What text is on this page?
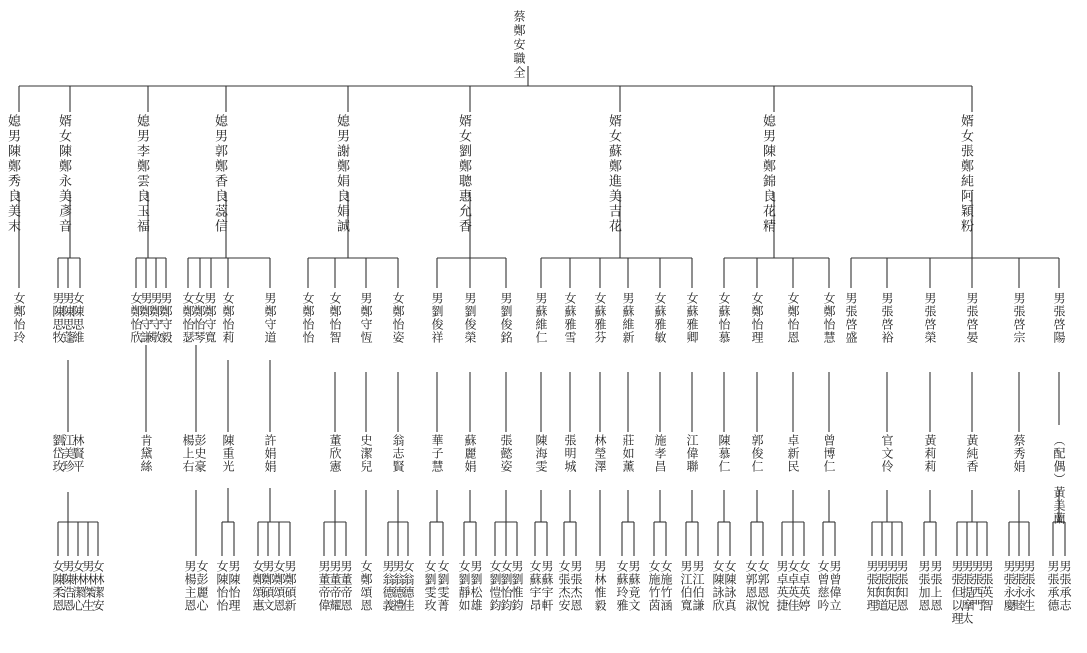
蔡鄭安職全
媳男陳鄭秀良美末
婿女陳鄭永美彥音
媳男李鄭雲良玉福
媳男郭鄭香良蕊信
媳男謝鄭娟良娟誠
婿女劉鄭聰惠允香
婿女蘇鄭進美吉花
媳男陳鄭錦良花精
婿女張鄭純阿穎粉
女鄭怡玲 男陳思牧
男陳思蓬
女陳思維	女鄭怡欣
男鄭守謙
男鄭守敬
男鄭守毅 女鄭怡瑟
女鄭怡琴
男鄭守寬 女鄭怡莉 男鄭守道 女鄭怡怡 女鄭怡智 男鄭守恆 女鄭怡姿 男劉俊祥 男劉俊榮 男劉俊銘 男蘇維仁 女蘇雅雪 女蘇雅芬 男蘇維新 女蘇雅敏 女蘇雅卿 女蘇怡慕 女鄭怡理 女鄭怡恩 女鄭怡慧 男張啓盛 男張啓裕 男張啓榮 男張啓晏	男張啓宗 男張啓陽
劉岱玫
江美珍
林賢平	肯黛絲 楊上右
彭史豪 陳重光 許娟娟	董欣憲 史潔兒 翁志賢 華子慧 蘇麗娟 張懿姿 陳海雯 張明城 林瑩澤 莊如薰 施孝昌 江偉聯 陳慕仁 郭俊仁 卓新民 曾博仁	官文伶 黃莉莉 黃純香	蔡秀娟 （配偶）黃美蘭
女陳柔恩
男陳浩恩
女林潔心
男林傑生
女林潔安	男楊主恩
女彭麗心 女陳怡怡
男陳怡理 女鄭頌惠
男鄭碩文
女鄭頌恩
男鄭碩新 男董帝偉
男董帝耀
男董帝恩 女鄭頌恩 男翁德義
男翁德禮
女翁德佳 女劉雯玫 女劉雯菁 女劉靜如
男劉松雄 女劉愷鈞
女劉怡鈞
男劉惟鈞 女蘇宇昂
男蘇宇軒 女張杰安
男張杰恩 男林惟毅 女蘇玲雅
男蘇竟文 女施竹茵
女施竹涵 男江伯寬
男江伯謙 女陳詠欣
女陳詠真 女郭恩淑
女郭恩悅 男卓英捷
女卓英佳
女卓英婷 女曾慈吟
男曾偉立 男張知理
男張知道
男張知足
男張知恩 男張加恩
男張上恩 男張但以理
男張提摩太
男張西門
男張英智 男張永慶
男張永睦
男張永生 男張承德
男張承志
